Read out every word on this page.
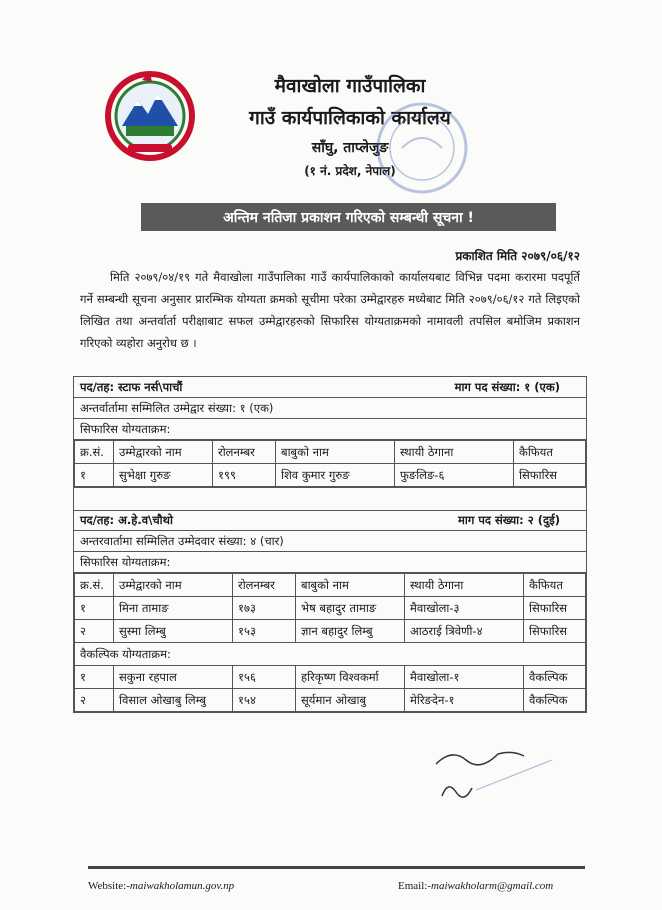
मैवाखोला गाउँपालिका
गाउँ कार्यपालिकाको कार्यालय
साँघु, ताप्लेजुङ
(१ नं. प्रदेश, नेपाल)
अन्तिम नतिजा प्रकाशन गरिएको सम्बन्धी सूचना !
प्रकाशित मिति २०७९/०६/१२
मिति २०७९/०४/१९ गते मैवाखोला गाउँपालिका गाउँ कार्यपालिकाको कार्यालयबाट विभिन्न पदमा करारमा पदपूर्ति गर्ने सम्बन्धी सूचना अनुसार प्रारम्भिक योग्यता क्रमको सूचीमा परेका उम्मेद्वारहरु मध्येबाट मिति २०७९/०६/१२ गते लिइएको लिखित तथा अन्तर्वार्ता परीक्षाबाट सफल उम्मेद्वारहरुको सिफारिस योग्यताक्रमको नामावली तपसिल बमोजिम प्रकाशन गरिएको व्यहोरा अनुरोध छ ।
पद/तह: स्टाफ नर्स\पाचौं	माग पद संख्या: १ (एक)
अन्तर्वार्तामा सम्मिलित उम्मेद्वार संख्या: १ (एक)
सिफारिस योग्यताक्रम:
क्र.सं.	उम्मेद्वारको नाम	रोलनम्बर	बाबुको नाम	स्थायी ठेगाना	कैफियत
१	सुभेक्षा गुरुङ	१९९	शिव कुमार गुरुङ	फुङलिङ-६	सिफारिस
पद/तह: अ.हे.व\चौथो	माग पद संख्या: २ (दुई)
अन्तरवार्तामा सम्मिलित उम्मेदवार संख्या: ४ (चार)
सिफारिस योग्यताक्रम:
क्र.सं.	उम्मेद्वारको नाम	रोलनम्बर	बाबुको नाम	स्थायी ठेगाना	कैफियत
१	मिना तामाङ	१७३	भेष बहादुर तामाङ	मैवाखोला-३	सिफारिस
२	सुस्मा लिम्बु	१५३	ज्ञान बहादुर लिम्बु	आठराई त्रिवेणी-४	सिफारिस
वैकल्पिक योग्यताक्रम:					
१	सकुना रहपाल	१५६	हरिकृष्ण विश्वकर्मा	मैवाखोला-१	वैकल्पिक
२	विसाल ओखाबु लिम्बु	१५४	सूर्यमान ओखाबु	मेरिङदेन-१	वैकल्पिक
Website:-maiwakholamun.gov.np	Email:-maiwakholarm@gmail.com
